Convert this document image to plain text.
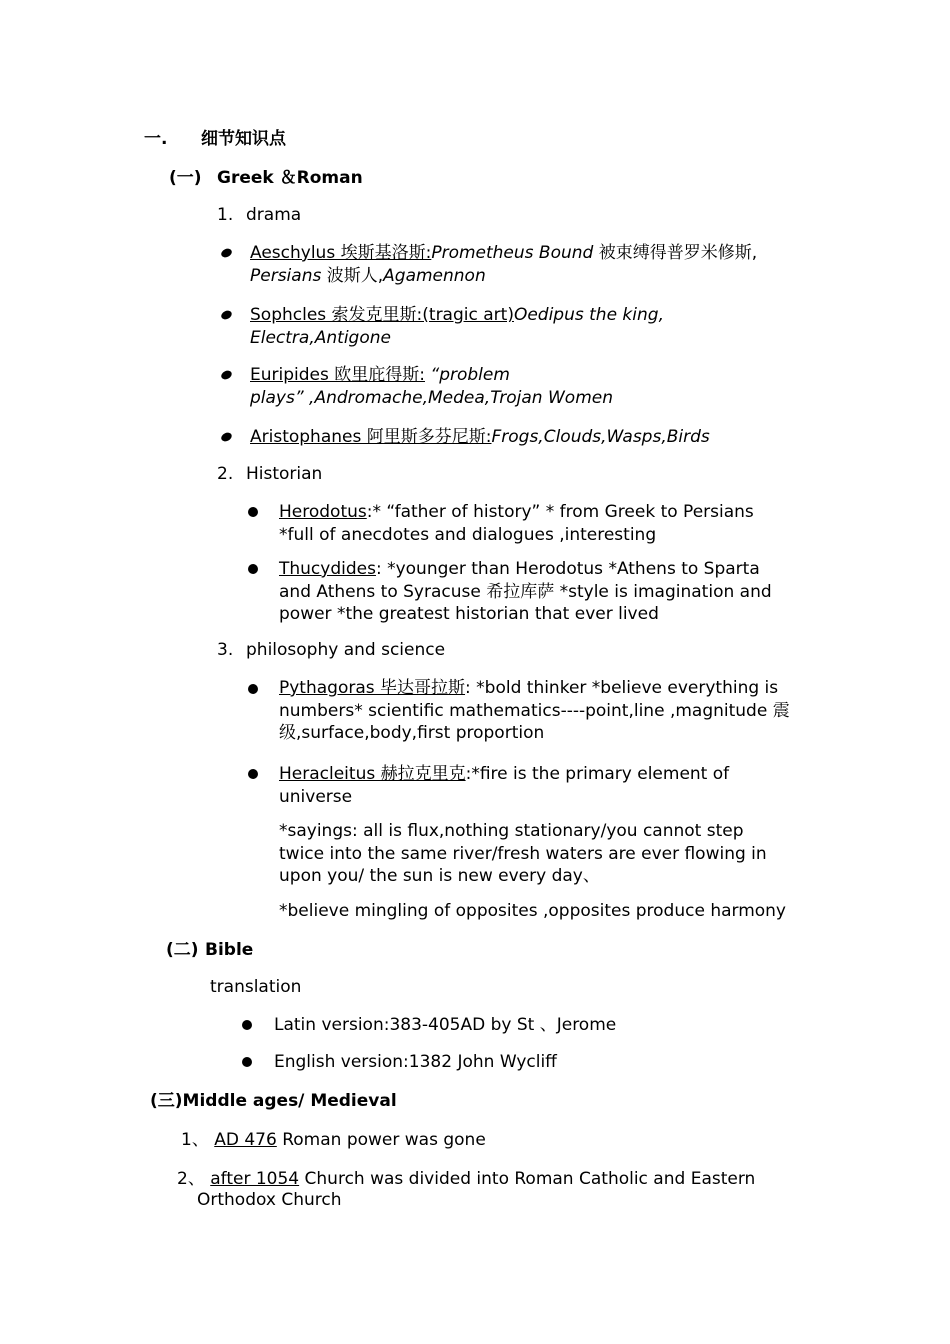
一. 细节知识点
(一) Greek ＆Roman
1. drama
Aeschylus 埃斯基洛斯:Prometheus Bound 被束缚得普罗米修斯,
Persians 波斯人,Agamennon
Sophcles 索发克里斯:(tragic art)Oedipus the king,
Electra,Antigone
Euripides 欧里庇得斯: “problem
plays” ,Andromache,Medea,Trojan Women
Aristophanes 阿里斯多芬尼斯:Frogs,Clouds,Wasps,Birds
2. Historian
Herodotus:* “father of history” * from Greek to Persians
*full of anecdotes and dialogues ,interesting
Thucydides: *younger than Herodotus *Athens to Sparta
and Athens to Syracuse 希拉库萨 *style is imagination and
power *the greatest historian that ever lived
3. philosophy and science
Pythagoras 毕达哥拉斯: *bold thinker *believe everything is
numbers* scientific mathematics----point,line ,magnitude 震
级,surface,body,first proportion
Heracleitus 赫拉克里克:*fire is the primary element of
universe
*sayings: all is flux,nothing stationary/you cannot step
twice into the same river/fresh waters are ever flowing in
upon you/ the sun is new every day、
*believe mingling of opposites ,opposites produce harmony
(二) Bible
translation
Latin version:383-405AD by St 、Jerome
English version:1382 John Wycliff
(三)Middle ages/ Medieval
1、 AD 476 Roman power was gone
2、 after 1054 Church was divided into Roman Catholic and Eastern
Orthodox Church
